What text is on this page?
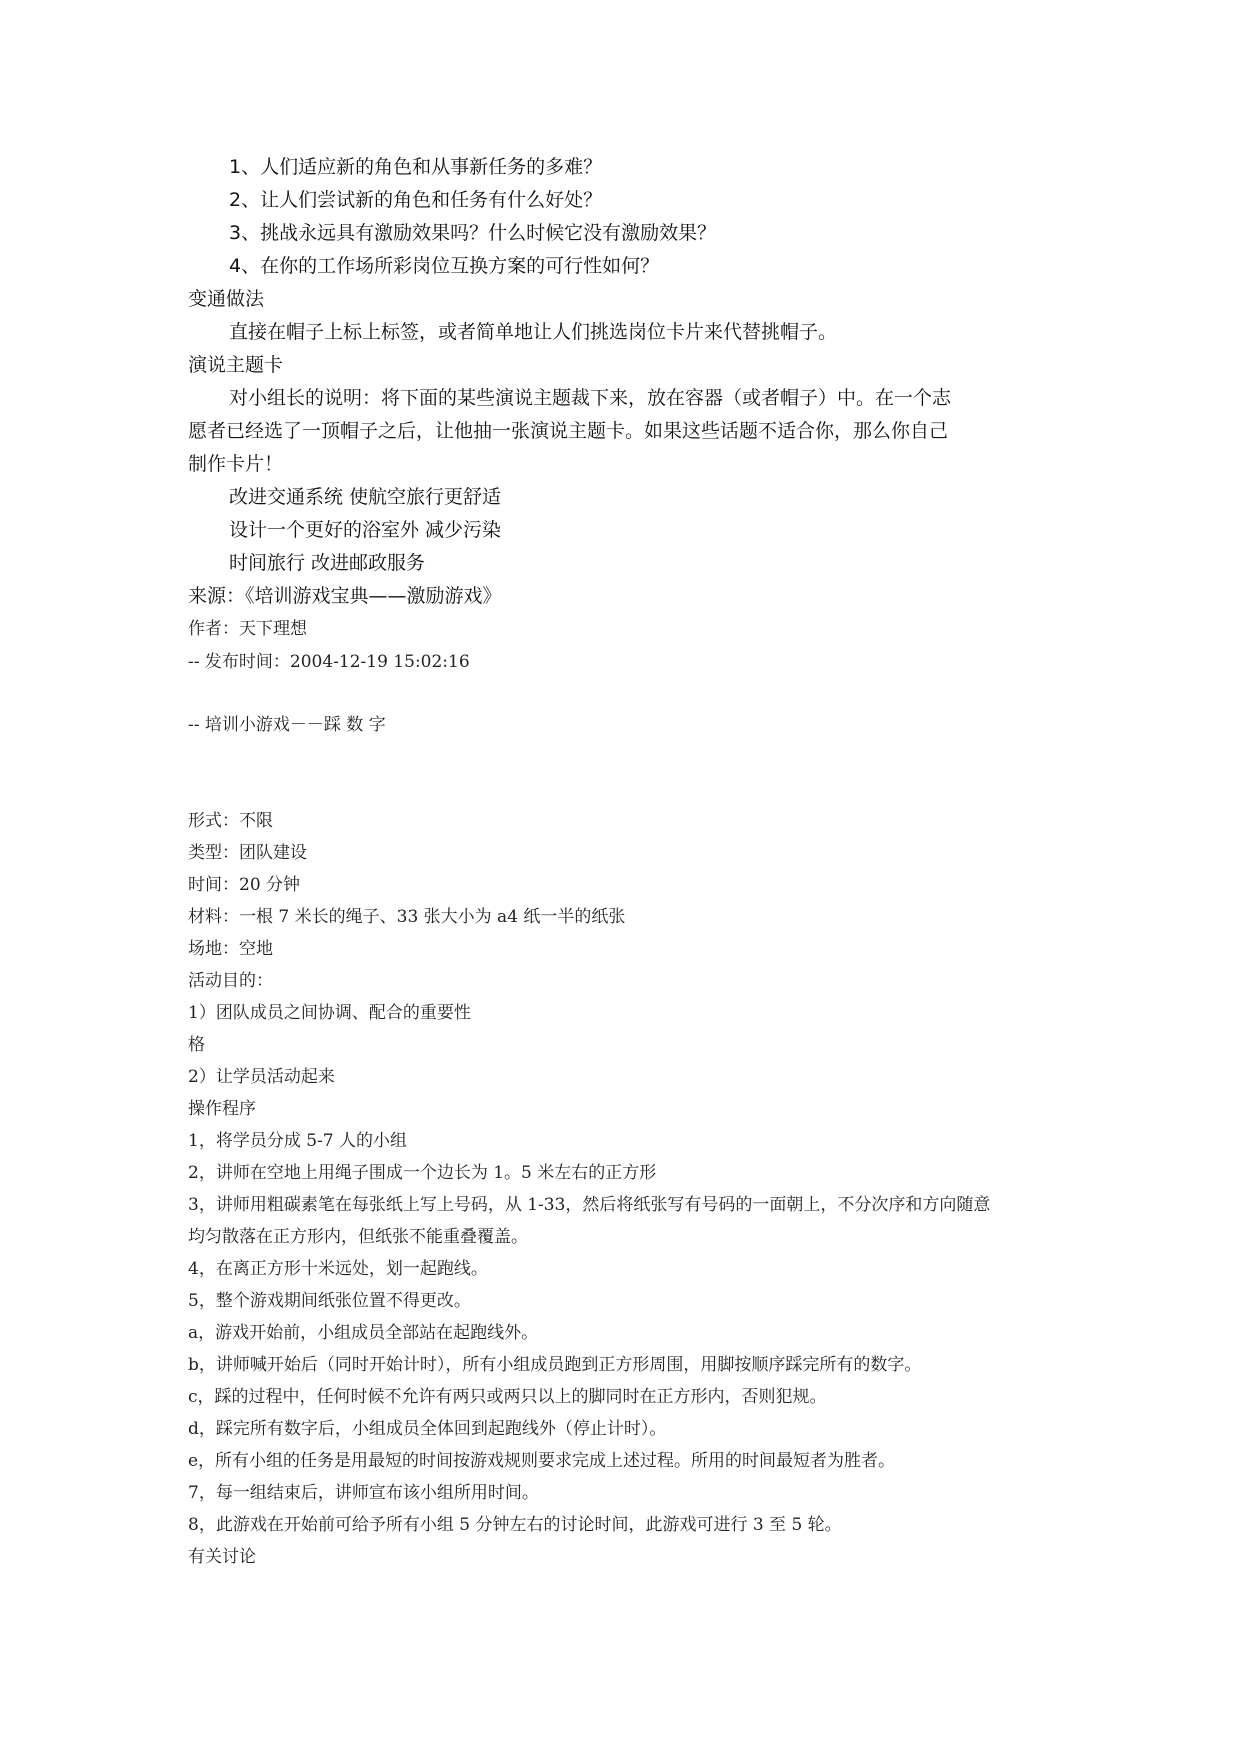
1、人们适应新的角色和从事新任务的多难？
2、让人们尝试新的角色和任务有什么好处？
3、挑战永远具有激励效果吗？什么时候它没有激励效果？
4、在你的工作场所彩岗位互换方案的可行性如何？
变通做法
直接在帽子上标上标签，或者简单地让人们挑选岗位卡片来代替挑帽子。
演说主题卡
对小组长的说明：将下面的某些演说主题裁下来，放在容器（或者帽子）中。在一个志
愿者已经选了一顶帽子之后，让他抽一张演说主题卡。如果这些话题不适合你，那么你自己
制作卡片！
改进交通系统 使航空旅行更舒适
设计一个更好的浴室外 减少污染
时间旅行 改进邮政服务
来源：《培训游戏宝典——激励游戏》
作者：天下理想
-- 发布时间：2004-12-19 15:02:16
-- 培训小游戏－－踩 数 字
形式：不限
类型：团队建设
时间：20 分钟
材料：一根 7 米长的绳子、33 张大小为 a4 纸一半的纸张
场地：空地
活动目的：
1）团队成员之间协调、配合的重要性
格
2）让学员活动起来
操作程序
1，将学员分成 5-7 人的小组
2，讲师在空地上用绳子围成一个边长为 1。5 米左右的正方形
3，讲师用粗碳素笔在每张纸上写上号码，从 1-33，然后将纸张写有号码的一面朝上，不分次序和方向随意
均匀散落在正方形内，但纸张不能重叠覆盖。
4，在离正方形十米远处，划一起跑线。
5，整个游戏期间纸张位置不得更改。
a，游戏开始前，小组成员全部站在起跑线外。
b，讲师喊开始后（同时开始计时），所有小组成员跑到正方形周围，用脚按顺序踩完所有的数字。
c，踩的过程中，任何时候不允许有两只或两只以上的脚同时在正方形内，否则犯规。
d，踩完所有数字后，小组成员全体回到起跑线外（停止计时）。
e，所有小组的任务是用最短的时间按游戏规则要求完成上述过程。所用的时间最短者为胜者。
7，每一组结束后，讲师宣布该小组所用时间。
8，此游戏在开始前可给予所有小组 5 分钟左右的讨论时间，此游戏可进行 3 至 5 轮。
有关讨论
